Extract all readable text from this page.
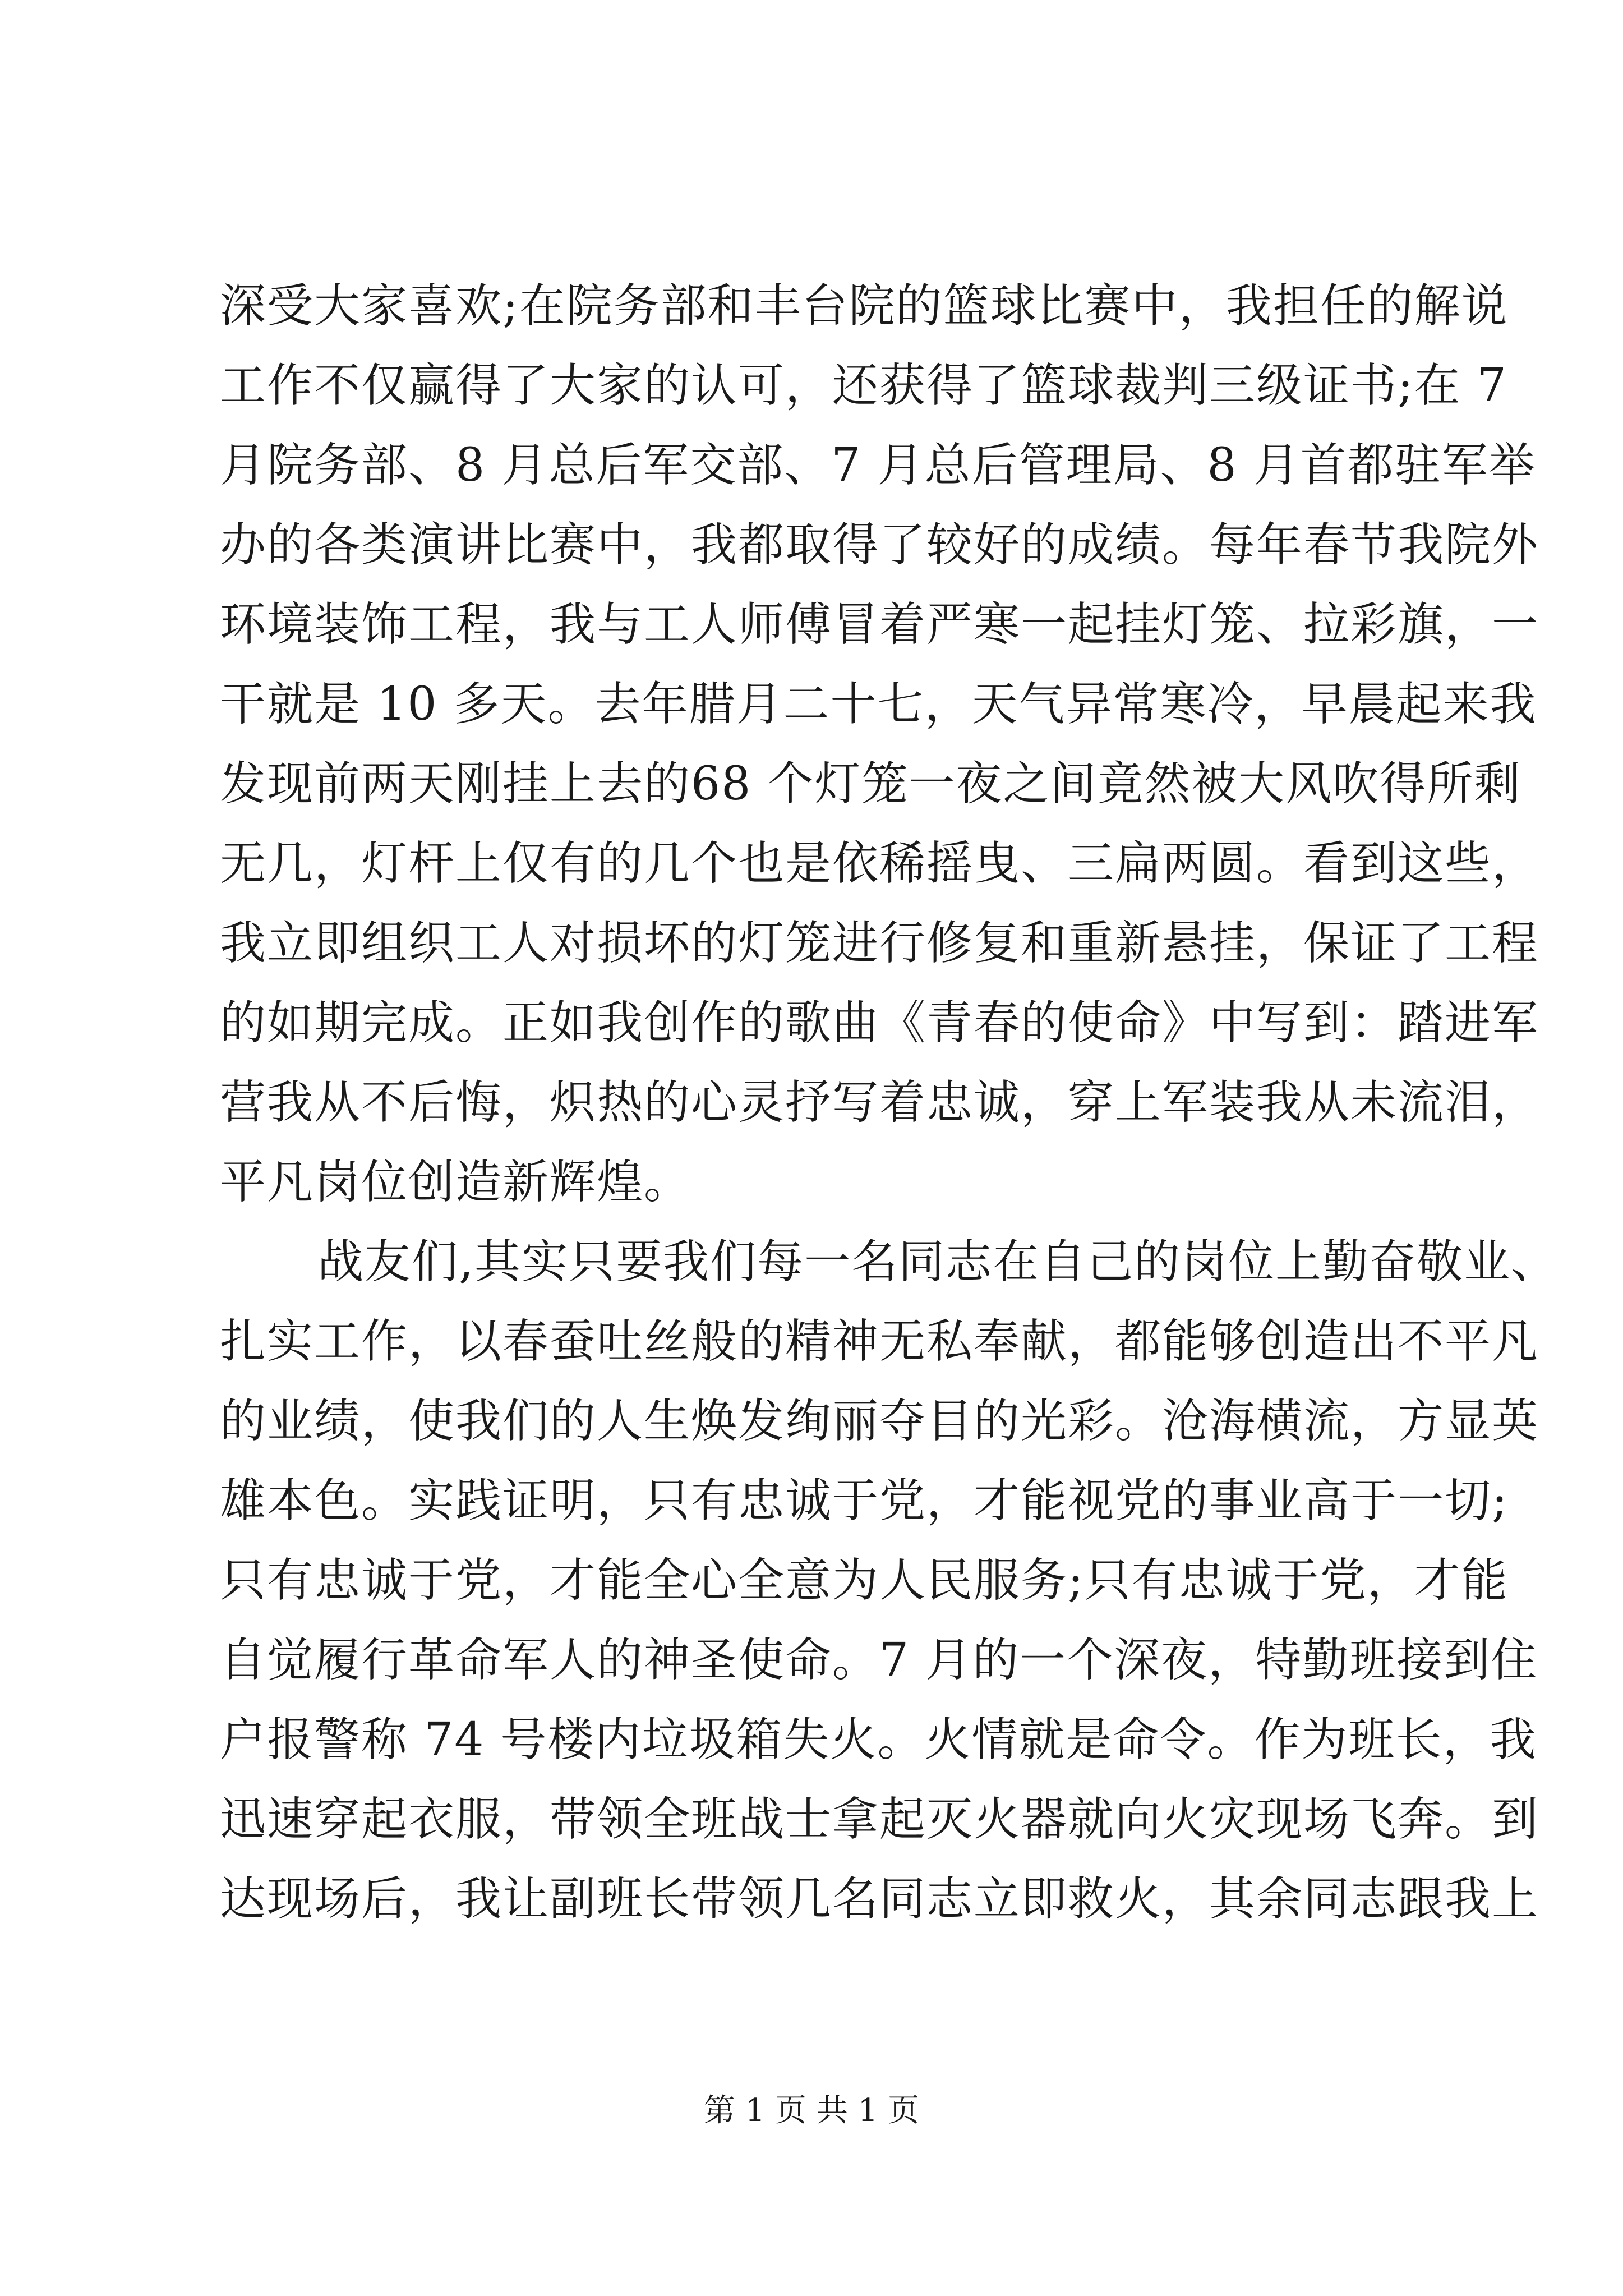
深受大家喜欢;在院务部和丰台院的篮球比赛中，我担任的解说
工作不仅赢得了大家的认可，还获得了篮球裁判三级证书;在 7
月院务部、8 月总后军交部、7 月总后管理局、8 月首都驻军举
办的各类演讲比赛中，我都取得了较好的成绩。每年春节我院外
环境装饰工程，我与工人师傅冒着严寒一起挂灯笼、拉彩旗，一
干就是 10 多天。去年腊月二十七，天气异常寒冷，早晨起来我
发现前两天刚挂上去的68 个灯笼一夜之间竟然被大风吹得所剩
无几，灯杆上仅有的几个也是依稀摇曳、三扁两圆。看到这些，
我立即组织工人对损坏的灯笼进行修复和重新悬挂，保证了工程
的如期完成。正如我创作的歌曲《青春的使命》中写到：踏进军
营我从不后悔，炽热的心灵抒写着忠诚，穿上军装我从未流泪，
平凡岗位创造新辉煌。
战友们,其实只要我们每一名同志在自己的岗位上勤奋敬业、
扎实工作，以春蚕吐丝般的精神无私奉献，都能够创造出不平凡
的业绩，使我们的人生焕发绚丽夺目的光彩。沧海横流，方显英
雄本色。实践证明，只有忠诚于党，才能视党的事业高于一切;
只有忠诚于党，才能全心全意为人民服务;只有忠诚于党，才能
自觉履行革命军人的神圣使命。7 月的一个深夜，特勤班接到住
户报警称 74 号楼内垃圾箱失火。火情就是命令。作为班长，我
迅速穿起衣服，带领全班战士拿起灭火器就向火灾现场飞奔。到
达现场后，我让副班长带领几名同志立即救火，其余同志跟我上
第 1 页 共 1 页
